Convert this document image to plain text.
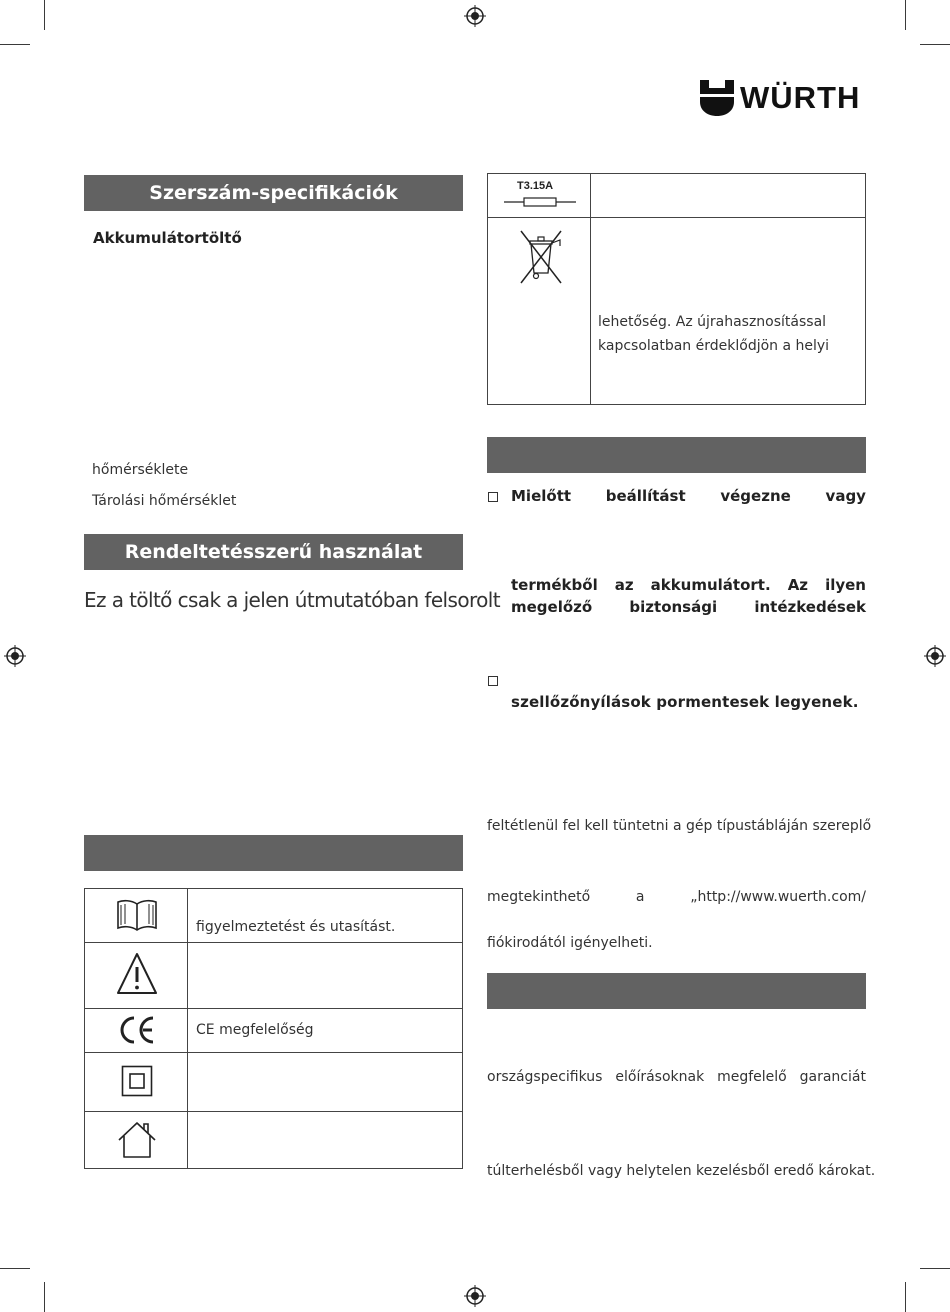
WÜRTH
Szerszám-specifikációk
Akkumulátortöltő
hőmérséklete
Tárolási hőmérséklet
Rendeltetésszerű használat
Ez a töltő csak a jelen útmutatóban felsorolt
figyelmeztetést és utasítást.
CE megfelelőség
T3.15A
lehetőség. Az újrahasznosítással
kapcsolatban érdeklődjön a helyi
Mielőtt beállítást végezne vagy
termékből az akkumulátort. Az ilyen
megelőző biztonsági intézkedések
szellőzőnyílások pormentesek legyenek.
feltétlenül fel kell tüntetni a gép típustábláján szereplő
megtekinthető	a	„http://www.wuerth.com/
fiókirodától igényelheti.
országspecifikus előírásoknak megfelelő garanciát
túlterhelésből vagy helytelen kezelésből eredő károkat.
